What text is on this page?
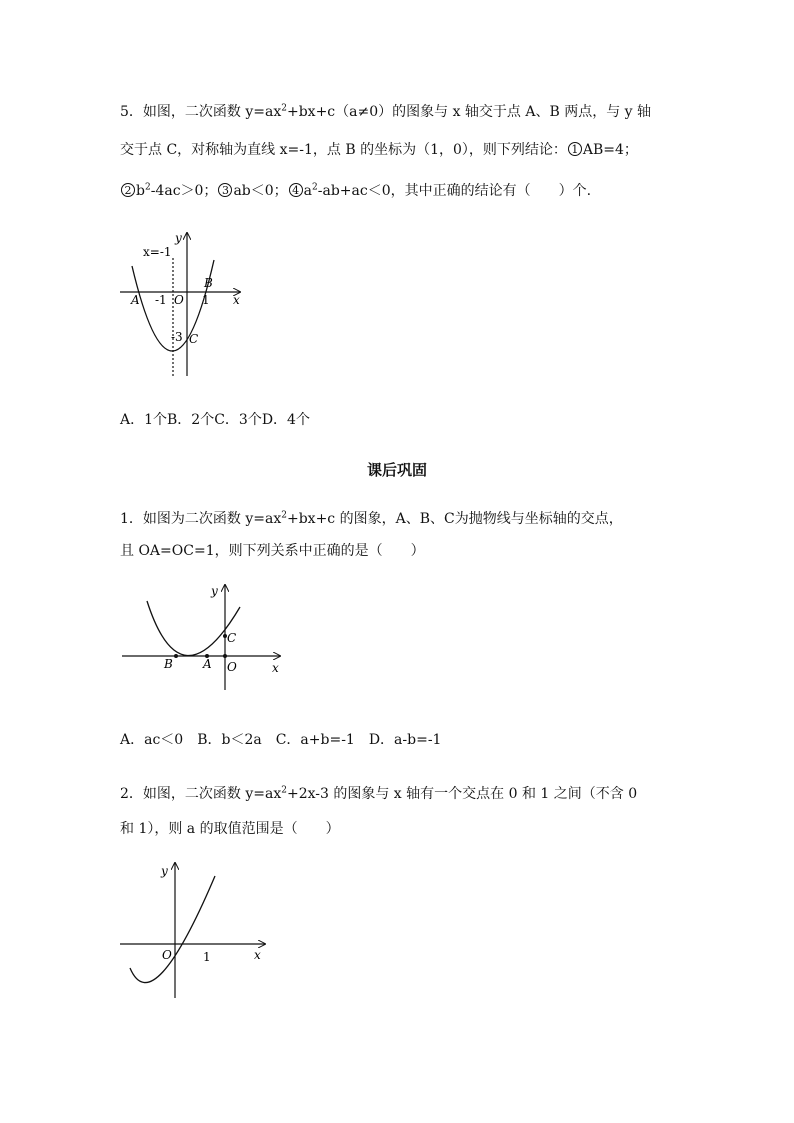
5．如图，二次函数 $y=ax^2+bx+c(a\ne 0)$的图象与 x 轴交于点 A、B 两点，与 y 轴
交于点 C，对称轴为直线 x=-1，点 B 的坐标为（1，0），则下列结论： 1 AB=4；
2 $b^2-4ac>0$； 3 ab＜0； 4 $a^2-ab+ac<0$，其中正确的结论有（　　）个.
y
x=-1
B
A -1 O 1 x
-3 C
A．1个B．2个C．3个D．4个
课后巩固
1．如图为二次函数 $y=ax^2+bx+c$ 的图象，A、B、C为抛物线与坐标轴的交点，
且 OA=OC=1，则下列关系中正确的是（　　）
y
C
B	A O	x
A．ac＜0　B．b＜2a　C．a+b=-1　D．a-b=-1
2．如图，二次函数 $y=ax^2+2x-3$ 的图象与 x 轴有一个交点在 0 和 1 之间（不含 0
和 1），则 a 的取值范围是（　　）
y
O	1	x
